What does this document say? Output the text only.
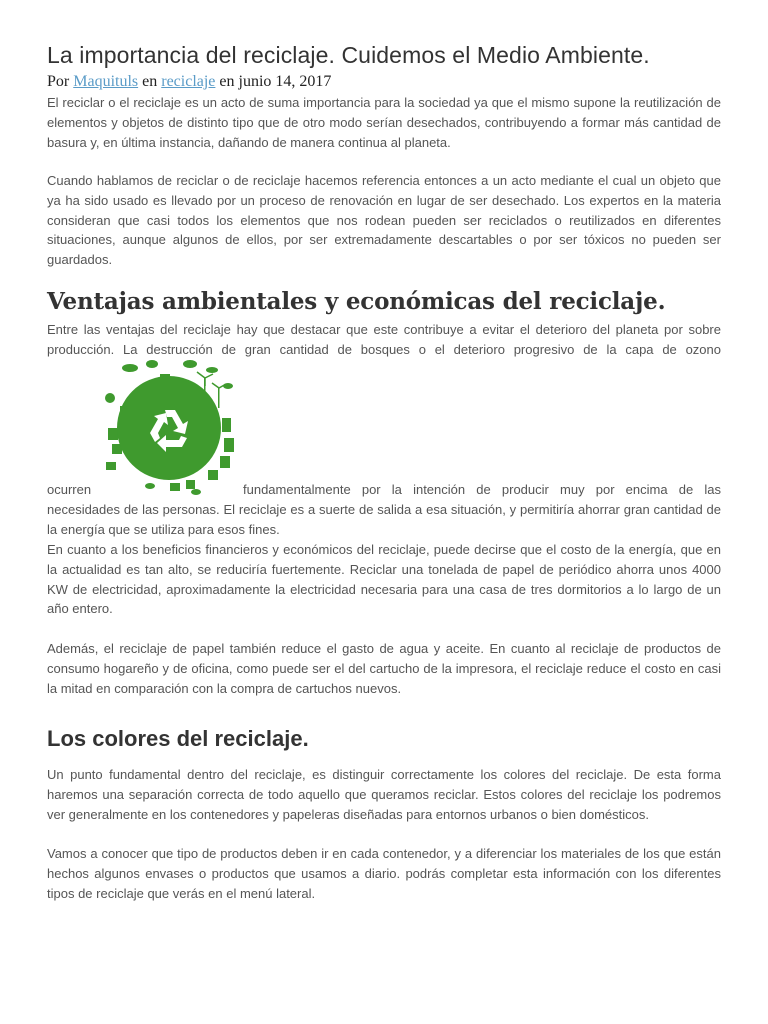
La importancia del reciclaje. Cuidemos el Medio Ambiente.
Por Maquituls en reciclaje en junio 14, 2017

El reciclar o el reciclaje es un acto de suma importancia para la sociedad ya que el mismo supone la reutilización de elementos y objetos de distinto tipo que de otro modo serían desechados, contribuyendo a formar más cantidad de basura y, en última instancia, dañando de manera continua al planeta.

Cuando hablamos de reciclar o de reciclaje hacemos referencia entonces a un acto mediante el cual un objeto que ya ha sido usado es llevado por un proceso de renovación en lugar de ser desechado. Los expertos en la materia consideran que casi todos los elementos que nos rodean pueden ser reciclados o reutilizados en diferentes situaciones, aunque algunos de ellos, por ser extremadamente descartables o por ser tóxicos no pueden ser guardados.

Ventajas ambientales y económicas del reciclaje.

Entre las ventajas del reciclaje hay que destacar que este contribuye a evitar el deterioro del planeta por sobre producción. La destrucción de gran cantidad de bosques o el deterioro progresivo de la capa de ozono

ocurren	fundamentalmente por la intención de producir muy por encima de las

necesidades de las personas. El reciclaje es a suerte de salida a esa situación, y permitiría ahorrar gran cantidad de la energía que se utiliza para esos fines.

En cuanto a los beneficios financieros y económicos del reciclaje, puede decirse que el costo de la energía, que en la actualidad es tan alto, se reduciría fuertemente. Reciclar una tonelada de papel de periódico ahorra unos 4000 KW de electricidad, aproximadamente la electricidad necesaria para una casa de tres dormitorios a lo largo de un año entero.

Además, el reciclaje de papel también reduce el gasto de agua y aceite. En cuanto al reciclaje de productos de consumo hogareño y de oficina, como puede ser el del cartucho de la impresora, el reciclaje reduce el costo en casi la mitad en comparación con la compra de cartuchos nuevos.

Los colores del reciclaje.

Un punto fundamental dentro del reciclaje, es distinguir correctamente los colores del reciclaje. De esta forma haremos una separación correcta de todo aquello que queramos reciclar. Estos colores del reciclaje los podremos ver generalmente en los contenedores y papeleras diseñadas para entornos urbanos o bien domésticos.

Vamos a conocer que tipo de productos deben ir en cada contenedor, y a diferenciar los materiales de los que están hechos algunos envases o productos que usamos a diario. podrás completar esta información con los diferentes tipos de reciclaje que verás en el menú lateral.
